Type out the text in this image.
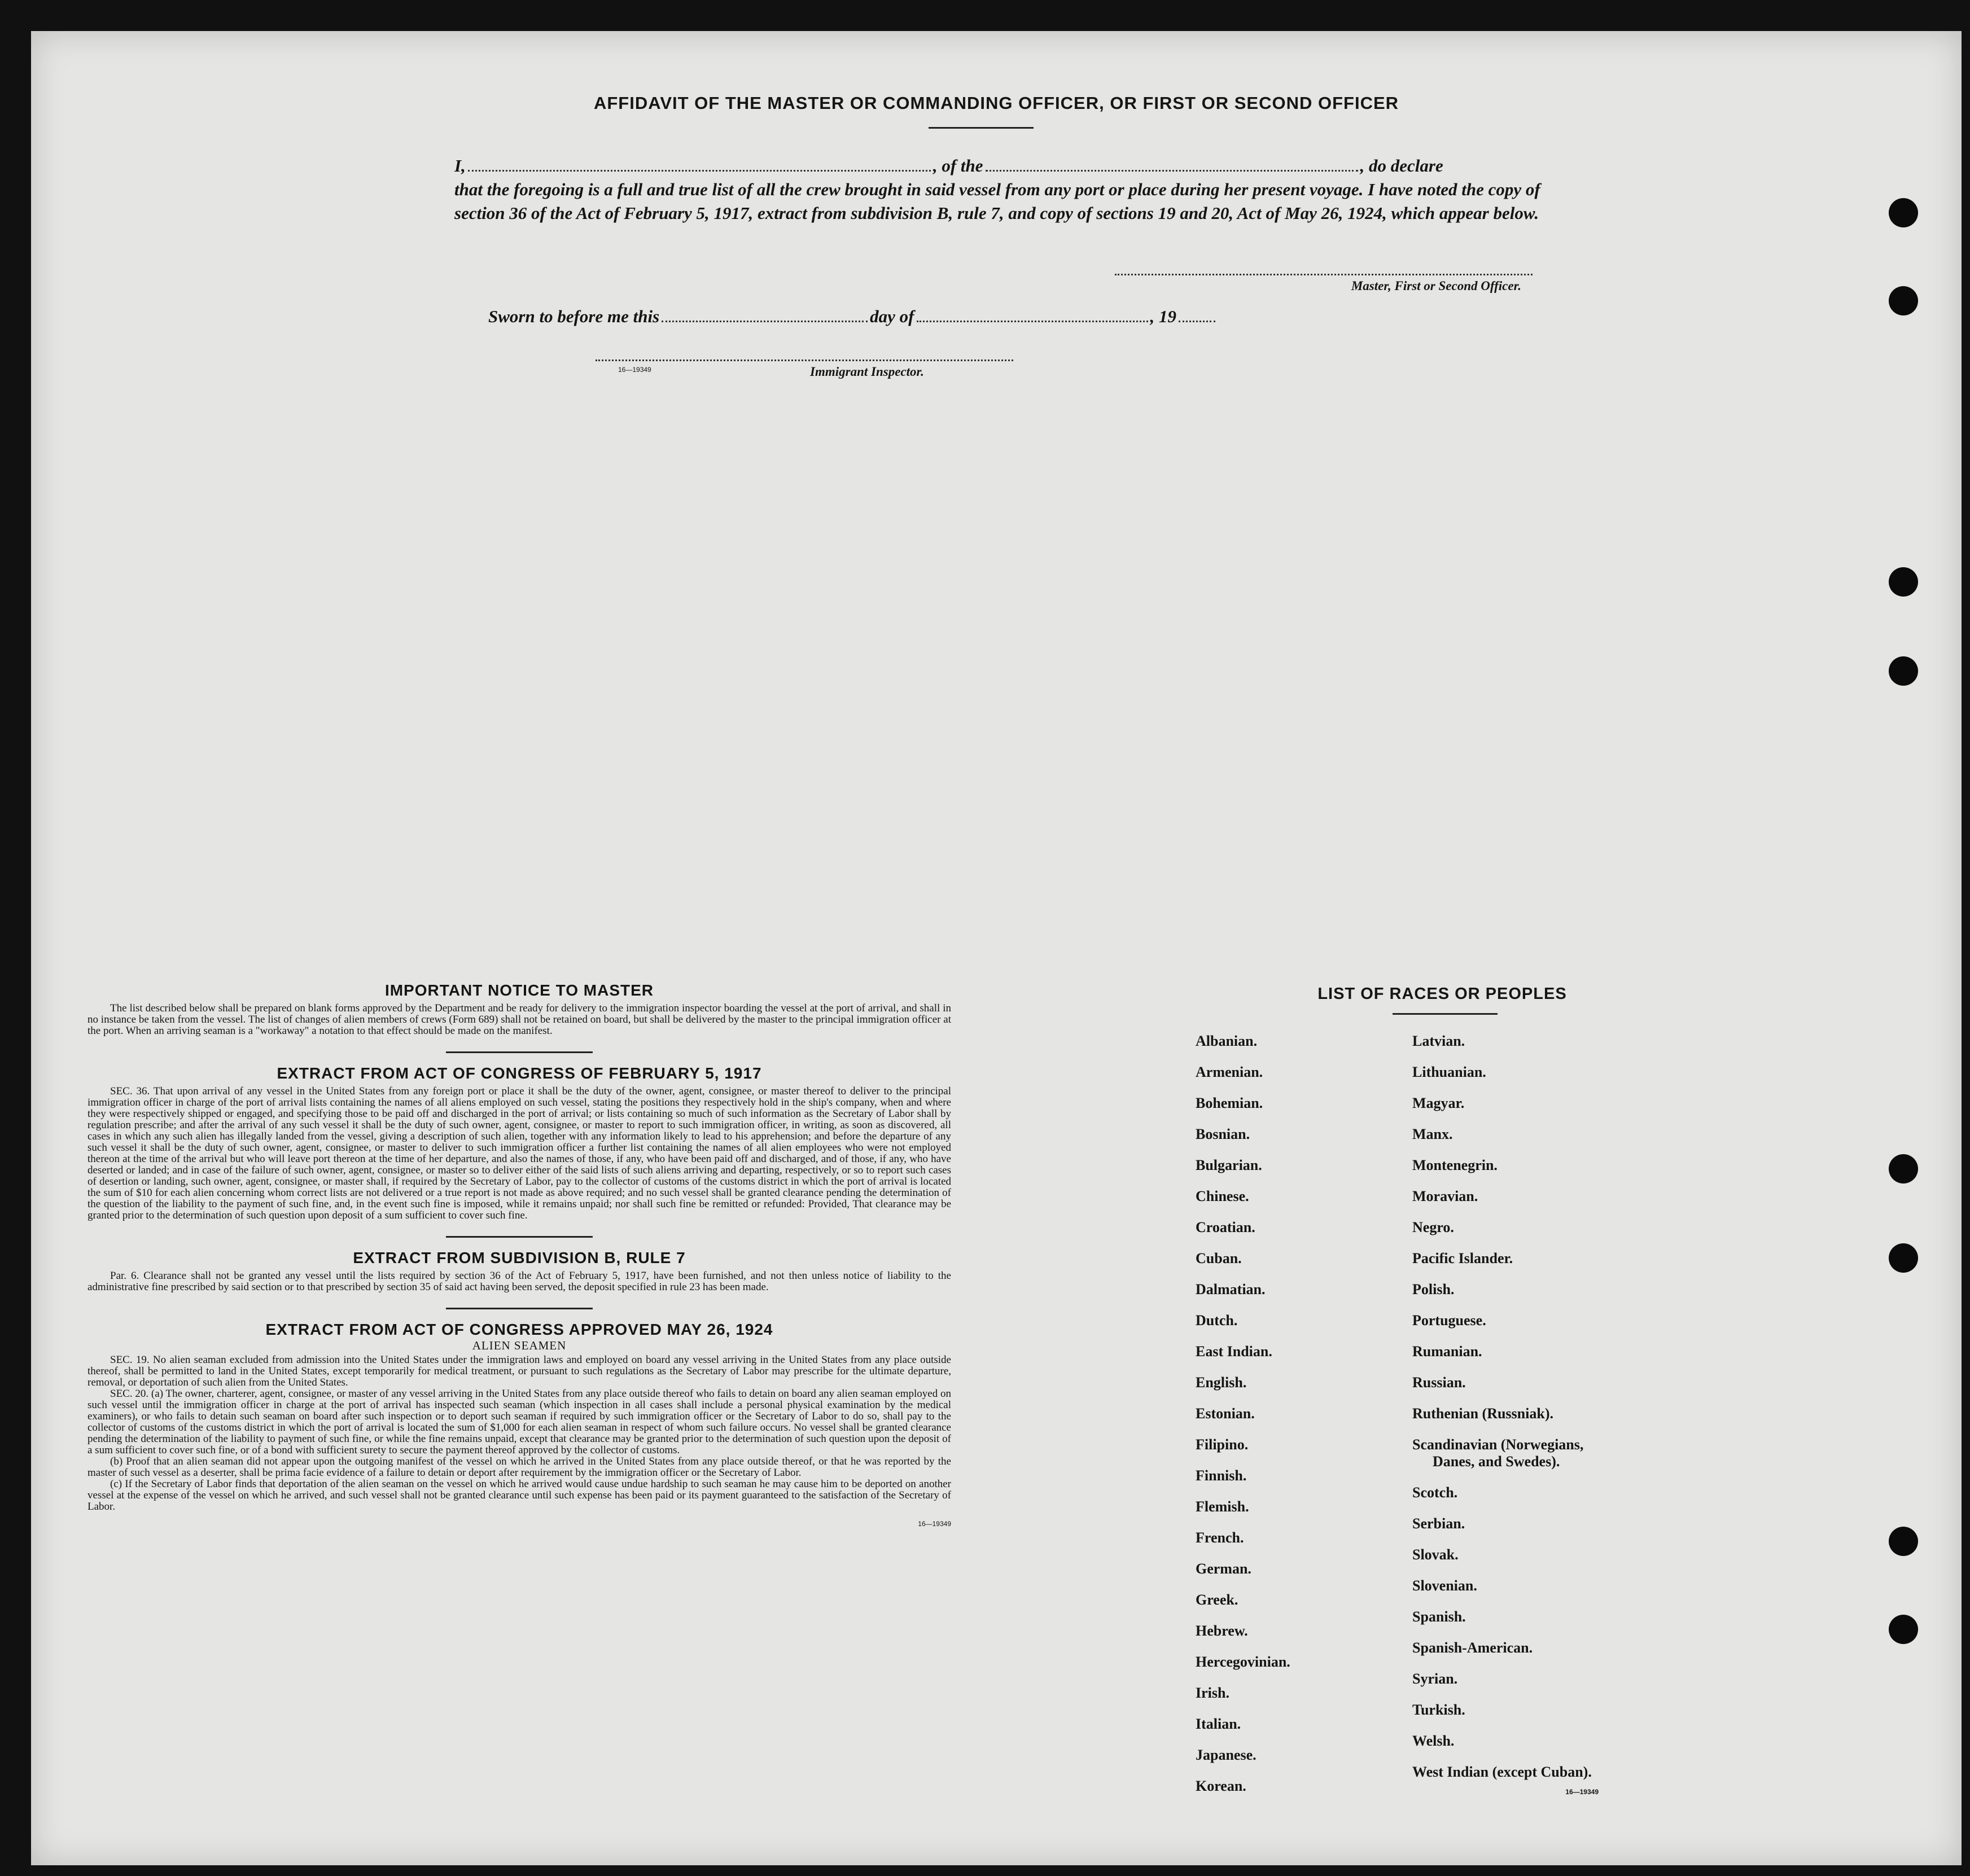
AFFIDAVIT OF THE MASTER OR COMMANDING OFFICER, OR FIRST OR SECOND OFFICER
I,	, of the	, do declare
that the foregoing is a full and true list of all the crew brought in said vessel from any port or place during her present voyage. I have noted the copy of section 36 of the Act of February 5, 1917, extract from subdivision B, rule 7, and copy of sections 19 and 20, Act of May 26, 1924, which appear below.
Master, First or Second Officer.
Sworn to before me this	day of	, 19
16—19349	Immigrant Inspector.
IMPORTANT NOTICE TO MASTER

The list described below shall be prepared on blank forms approved by the Department and be ready for delivery to the immigration inspector boarding the vessel at the port of arrival, and shall in no instance be taken from the vessel. The list of changes of alien members of crews (Form 689) shall not be retained on board, but shall be delivered by the master to the principal immigration officer at the port. When an arriving seaman is a "workaway" a notation to that effect should be made on the manifest.

EXTRACT FROM ACT OF CONGRESS OF FEBRUARY 5, 1917

SEC. 36. That upon arrival of any vessel in the United States from any foreign port or place it shall be the duty of the owner, agent, consignee, or master thereof to deliver to the principal immigration officer in charge of the port of arrival lists containing the names of all aliens employed on such vessel, stating the positions they respectively hold in the ship's company, when and where they were respectively shipped or engaged, and specifying those to be paid off and discharged in the port of arrival; or lists containing so much of such information as the Secretary of Labor shall by regulation prescribe; and after the arrival of any such vessel it shall be the duty of such owner, agent, consignee, or master to report to such immigration officer, in writing, as soon as discovered, all cases in which any such alien has illegally landed from the vessel, giving a description of such alien, together with any information likely to lead to his apprehension; and before the departure of any such vessel it shall be the duty of such owner, agent, consignee, or master to deliver to such immigration officer a further list containing the names of all alien employees who were not employed thereon at the time of the arrival but who will leave port thereon at the time of her departure, and also the names of those, if any, who have been paid off and discharged, and of those, if any, who have deserted or landed; and in case of the failure of such owner, agent, consignee, or master so to deliver either of the said lists of such aliens arriving and departing, respectively, or so to report such cases of desertion or landing, such owner, agent, consignee, or master shall, if required by the Secretary of Labor, pay to the collector of customs of the customs district in which the port of arrival is located the sum of $10 for each alien concerning whom correct lists are not delivered or a true report is not made as above required; and no such vessel shall be granted clearance pending the determination of the question of the liability to the payment of such fine, and, in the event such fine is imposed, while it remains unpaid; nor shall such fine be remitted or refunded: Provided, That clearance may be granted prior to the determination of such question upon deposit of a sum sufficient to cover such fine.

EXTRACT FROM SUBDIVISION B, RULE 7

Par. 6. Clearance shall not be granted any vessel until the lists required by section 36 of the Act of February 5, 1917, have been furnished, and not then unless notice of liability to the administrative fine prescribed by said section or to that prescribed by section 35 of said act having been served, the deposit specified in rule 23 has been made.

EXTRACT FROM ACT OF CONGRESS APPROVED MAY 26, 1924
ALIEN SEAMEN

SEC. 19. No alien seaman excluded from admission into the United States under the immigration laws and employed on board any vessel arriving in the United States from any place outside thereof, shall be permitted to land in the United States, except temporarily for medical treatment, or pursuant to such regulations as the Secretary of Labor may prescribe for the ultimate departure, removal, or deportation of such alien from the United States.

SEC. 20. (a) The owner, charterer, agent, consignee, or master of any vessel arriving in the United States from any place outside thereof who fails to detain on board any alien seaman employed on such vessel until the immigration officer in charge at the port of arrival has inspected such seaman (which inspection in all cases shall include a personal physical examination by the medical examiners), or who fails to detain such seaman on board after such inspection or to deport such seaman if required by such immigration officer or the Secretary of Labor to do so, shall pay to the collector of customs of the customs district in which the port of arrival is located the sum of $1,000 for each alien seaman in respect of whom such failure occurs. No vessel shall be granted clearance pending the determination of the liability to payment of such fine, or while the fine remains unpaid, except that clearance may be granted prior to the determination of such question upon the deposit of a sum sufficient to cover such fine, or of a bond with sufficient surety to secure the payment thereof approved by the collector of customs.

(b) Proof that an alien seaman did not appear upon the outgoing manifest of the vessel on which he arrived in the United States from any place outside thereof, or that he was reported by the master of such vessel as a deserter, shall be prima facie evidence of a failure to detain or deport after requirement by the immigration officer or the Secretary of Labor.

(c) If the Secretary of Labor finds that deportation of the alien seaman on the vessel on which he arrived would cause undue hardship to such seaman he may cause him to be deported on another vessel at the expense of the vessel on which he arrived, and such vessel shall not be granted clearance until such expense has been paid or its payment guaranteed to the satisfaction of the Secretary of Labor.

16—19349
LIST OF RACES OR PEOPLES
Albanian.
Armenian.
Bohemian.
Bosnian.
Bulgarian.
Chinese.
Croatian.
Cuban.
Dalmatian.
Dutch.
East Indian.
English.
Estonian.
Filipino.
Finnish.
Flemish.
French.
German.
Greek.
Hebrew.
Hercegovinian.
Irish.
Italian.
Japanese.
Korean.
Latvian.
Lithuanian.
Magyar.
Manx.
Montenegrin.
Moravian.
Negro.
Pacific Islander.
Polish.
Portuguese.
Rumanian.
Russian.
Ruthenian (Russniak).
Scandinavian (Norwegians,
Danes, and Swedes).
Scotch.
Serbian.
Slovak.
Slovenian.
Spanish.
Spanish-American.
Syrian.
Turkish.
Welsh.
West Indian (except Cuban).
16—19349
